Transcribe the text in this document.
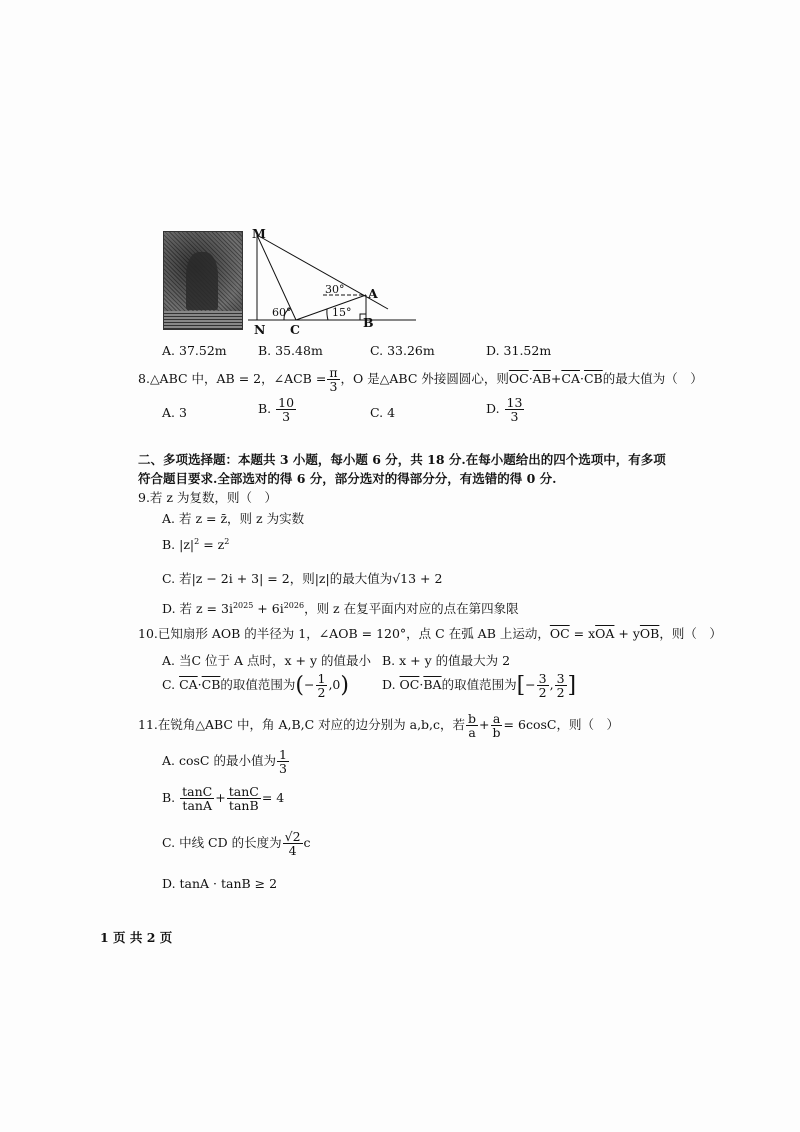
M
N C
A
B
60°
30°
15°
A. 37.52m	B. 35.48m	C. 33.26m	D. 31.52m
8.△ABC 中，AB = 2，∠ACB = $\frac{\pi}{3}$ ，O 是△ABC 外接圆圆心，则$\overline{OC}\cdot\overline{AB}+\overline{CA}\cdot\overline{CB}$的最大值为（　）
A. 3	B. $\frac{10}{3}$	C. 4	D. $\frac{13}{3}$
二、多项选择题：本题共 3 小题，每小题 6 分，共 18 分.在每小题给出的四个选项中，有多项
符合题目要求.全部选对的得 6 分，部分选对的得部分分，有选错的得 0 分.
9.若 z 为复数，则（　）
A. 若 z = z̄，则 z 为实数
B. $|z|^2 = z^2$
C. 若|z − 2i + 3| = 2，则|z|的最大值为√13 + 2
D. 若 $z = 3i^{2025} + 6i^{2026}$，则 z 在复平面内对应的点在第四象限
10.已知扇形 AOB 的半径为 1，∠AOB = 120°，点 C 在弧 AB 上运动，$\overline{OC} = x\overline{OA} + y\overline{OB}$，则（　）
A. 当C 位于 A 点时，x + y 的值最小 B. x + y 的值最大为 2
C. $\overline{CA}\cdot\overline{CB}$的取值范围为(− $\frac{1}{2} ,0$)	D. $\overline{OC}\cdot\overline{BA}$的取值范围为[− $\frac{3}{2}$ , $\frac{3}{2}$ ]
11.在锐角△ABC 中，角 A,B,C 对应的边分别为 a,b,c，若 $\frac{b}{a} + \frac{a}{b} = 6\cos C$，则（　）
A. cosC 的最小值为 $\frac{1}{3}$
B. $\frac{\tan C}{\tan A} + \frac{\tan C}{\tan B} = 4$
C. 中线 CD 的长度为 $\frac{√2}{4}$ c
D. tanA · tanB ≥ 2
1 页 共 2 页
